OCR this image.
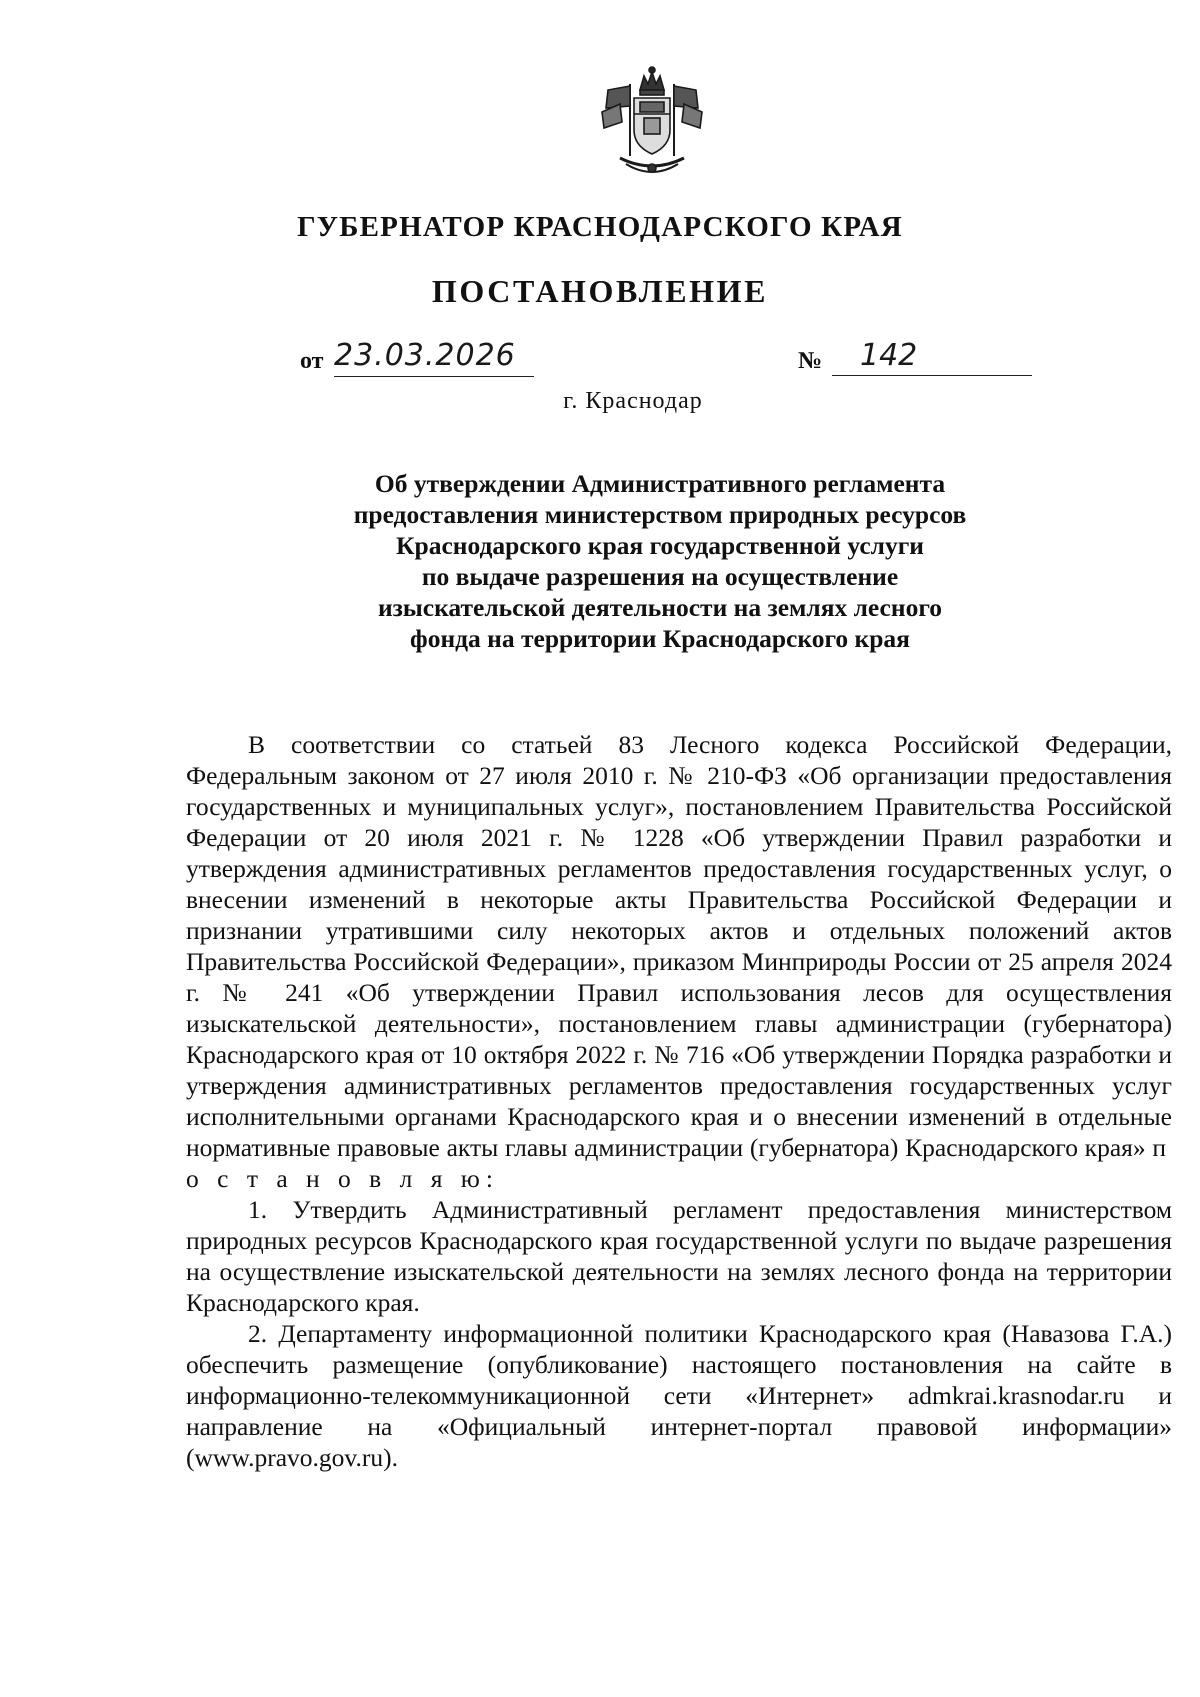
ГУБЕРНАТОР КРАСНОДАРСКОГО КРАЯ
ПОСТАНОВЛЕНИЕ
от 23.03.2026	№	142
г. Краснодар
Об утверждении Административного регламента
предоставления министерством природных ресурсов
Краснодарского края государственной услуги
по выдаче разрешения на осуществление
изыскательской деятельности на землях лесного
фонда на территории Краснодарского края

В соответствии со статьей 83 Лесного кодекса Российской Федерации, Федеральным законом от 27 июля 2010 г. № 210-ФЗ «Об организации предоставления государственных и муниципальных услуг», постановлением Правительства Российской Федерации от 20 июля 2021 г. № 1228 «Об утверждении Правил разработки и утверждения административных регламентов предоставления государственных услуг, о внесении изменений в некоторые акты Правительства Российской Федерации и признании утратившими силу некоторых актов и отдельных положений актов Правительства Российской Федерации», приказом Минприроды России от 25 апреля 2024 г. № 241 «Об утверждении Правил использования лесов для осуществления изыскательской деятельности», постановлением главы администрации (губернатора) Краснодарского края от 10 октября 2022 г. № 716 «Об утверждении Порядка разработки и утверждения административных регламентов предоставления государственных услуг исполнительными органами Краснодарского края и о внесении изменений в отдельные нормативные правовые акты главы администрации (губернатора) Краснодарского края» п о с т а н о в л я ю:

1. Утвердить Административный регламент предоставления министерством природных ресурсов Краснодарского края государственной услуги по выдаче разрешения на осуществление изыскательской деятельности на землях лесного фонда на территории Краснодарского края.

2. Департаменту информационной политики Краснодарского края (Навазова Г.А.) обеспечить размещение (опубликование) настоящего постановления на сайте в информационно-телекоммуникационной сети «Интернет» admkrai.krasnodar.ru и направление на «Официальный интернет-портал правовой информации» (www.pravo.gov.ru).
